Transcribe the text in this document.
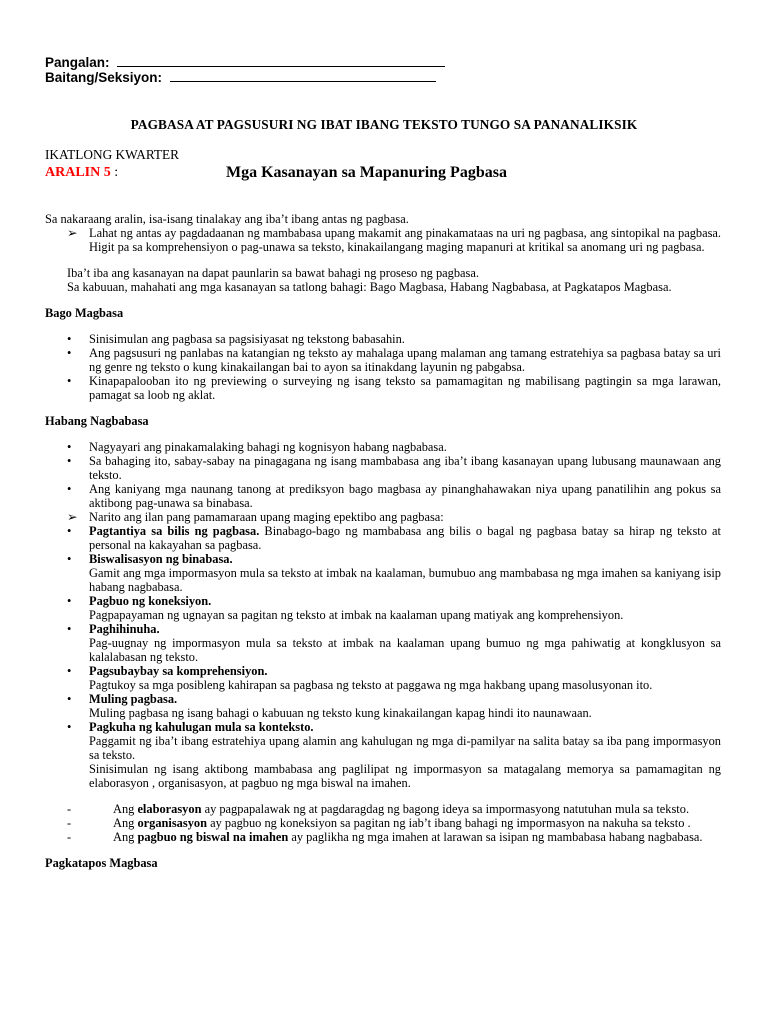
Pangalan:
Baitang/Seksiyon:
PAGBASA AT PAGSUSURI NG IBAT IBANG TEKSTO TUNGO SA PANANALIKSIK
IKATLONG KWARTER
ARALIN 5 :	Mga Kasanayan sa Mapanuring Pagbasa

Sa nakaraang aralin, isa-isang tinalakay ang iba’t ibang antas ng pagbasa.

➢ Lahat ng antas ay pagdadaanan ng mambabasa upang makamit ang pinakamataas na uri ng pagbasa, ang sintopikal na pagbasa. Higit pa sa komprehensiyon o pag-unawa sa teksto, kinakailangang maging mapanuri at kritikal sa anomang uri ng pagbasa.

Iba’t iba ang kasanayan na dapat paunlarin sa bawat bahagi ng proseso ng pagbasa.

Sa kabuuan, mahahati ang mga kasanayan sa tatlong bahagi: Bago Magbasa, Habang Nagbabasa, at Pagkatapos Magbasa.

Bago Magbasa

• Sinisimulan ang pagbasa sa pagsisiyasat ng tekstong babasahin.
• Ang pagsusuri ng panlabas na katangian ng teksto ay mahalaga upang malaman ang tamang estratehiya sa pagbasa batay sa uri ng genre ng teksto o kung kinakailangan bai to ayon sa itinakdang layunin ng pabgabsa.
• Kinapapalooban ito ng previewing o surveying ng isang teksto sa pamamagitan ng mabilisang pagtingin sa mga larawan, pamagat sa loob ng aklat.

Habang Nagbabasa

• Nagyayari ang pinakamalaking bahagi ng kognisyon habang nagbabasa.
• Sa bahaging ito, sabay-sabay na pinagagana ng isang mambabasa ang iba’t ibang kasanayan upang lubusang maunawaan ang teksto.
• Ang kaniyang mga naunang tanong at prediksyon bago magbasa ay pinanghahawakan niya upang panatilihin ang pokus sa aktibong pag-unawa sa binabasa.
➢ Narito ang ilan pang pamamaraan upang maging epektibo ang pagbasa:
• Pagtantiya sa bilis ng pagbasa. Binabago-bago ng mambabasa ang bilis o bagal ng pagbasa batay sa hirap ng teksto at personal na kakayahan sa pagbasa.
• Biswalisasyon ng binabasa.
Gamit ang mga impormasyon mula sa teksto at imbak na kaalaman, bumubuo ang mambabasa ng mga imahen sa kaniyang isip habang nagbabasa.
• Pagbuo ng koneksiyon.
Pagpapayaman ng ugnayan sa pagitan ng teksto at imbak na kaalaman upang matiyak ang komprehensiyon.
• Paghihinuha.
Pag-uugnay ng impormasyon mula sa teksto at imbak na kaalaman upang bumuo ng mga pahiwatig at kongklusyon sa kalalabasan ng teksto.
• Pagsubaybay sa komprehensiyon.
Pagtukoy sa mga posibleng kahirapan sa pagbasa ng teksto at paggawa ng mga hakbang upang masolusyonan ito.
• Muling pagbasa.
Muling pagbasa ng isang bahagi o kabuuan ng teksto kung kinakailangan kapag hindi ito naunawaan.
• Pagkuha ng kahulugan mula sa konteksto.
Paggamit ng iba’t ibang estratehiya upang alamin ang kahulugan ng mga di-pamilyar na salita batay sa iba pang impormasyon sa teksto.
Sinisimulan ng isang aktibong mambabasa ang paglilipat ng impormasyon sa matagalang memorya sa pamamagitan ng elaborasyon , organisasyon, at pagbuo ng mga biswal na imahen.
-	Ang elaborasyon ay pagpapalawak ng at pagdaragdag ng bagong ideya sa impormasyong natutuhan mula sa teksto.
-	Ang organisasyon ay pagbuo ng koneksiyon sa pagitan ng iab’t ibang bahagi ng impormasyon na nakuha sa teksto .
-	Ang pagbuo ng biswal na imahen ay paglikha ng mga imahen at larawan sa isipan ng mambabasa habang nagbabasa.

Pagkatapos Magbasa
